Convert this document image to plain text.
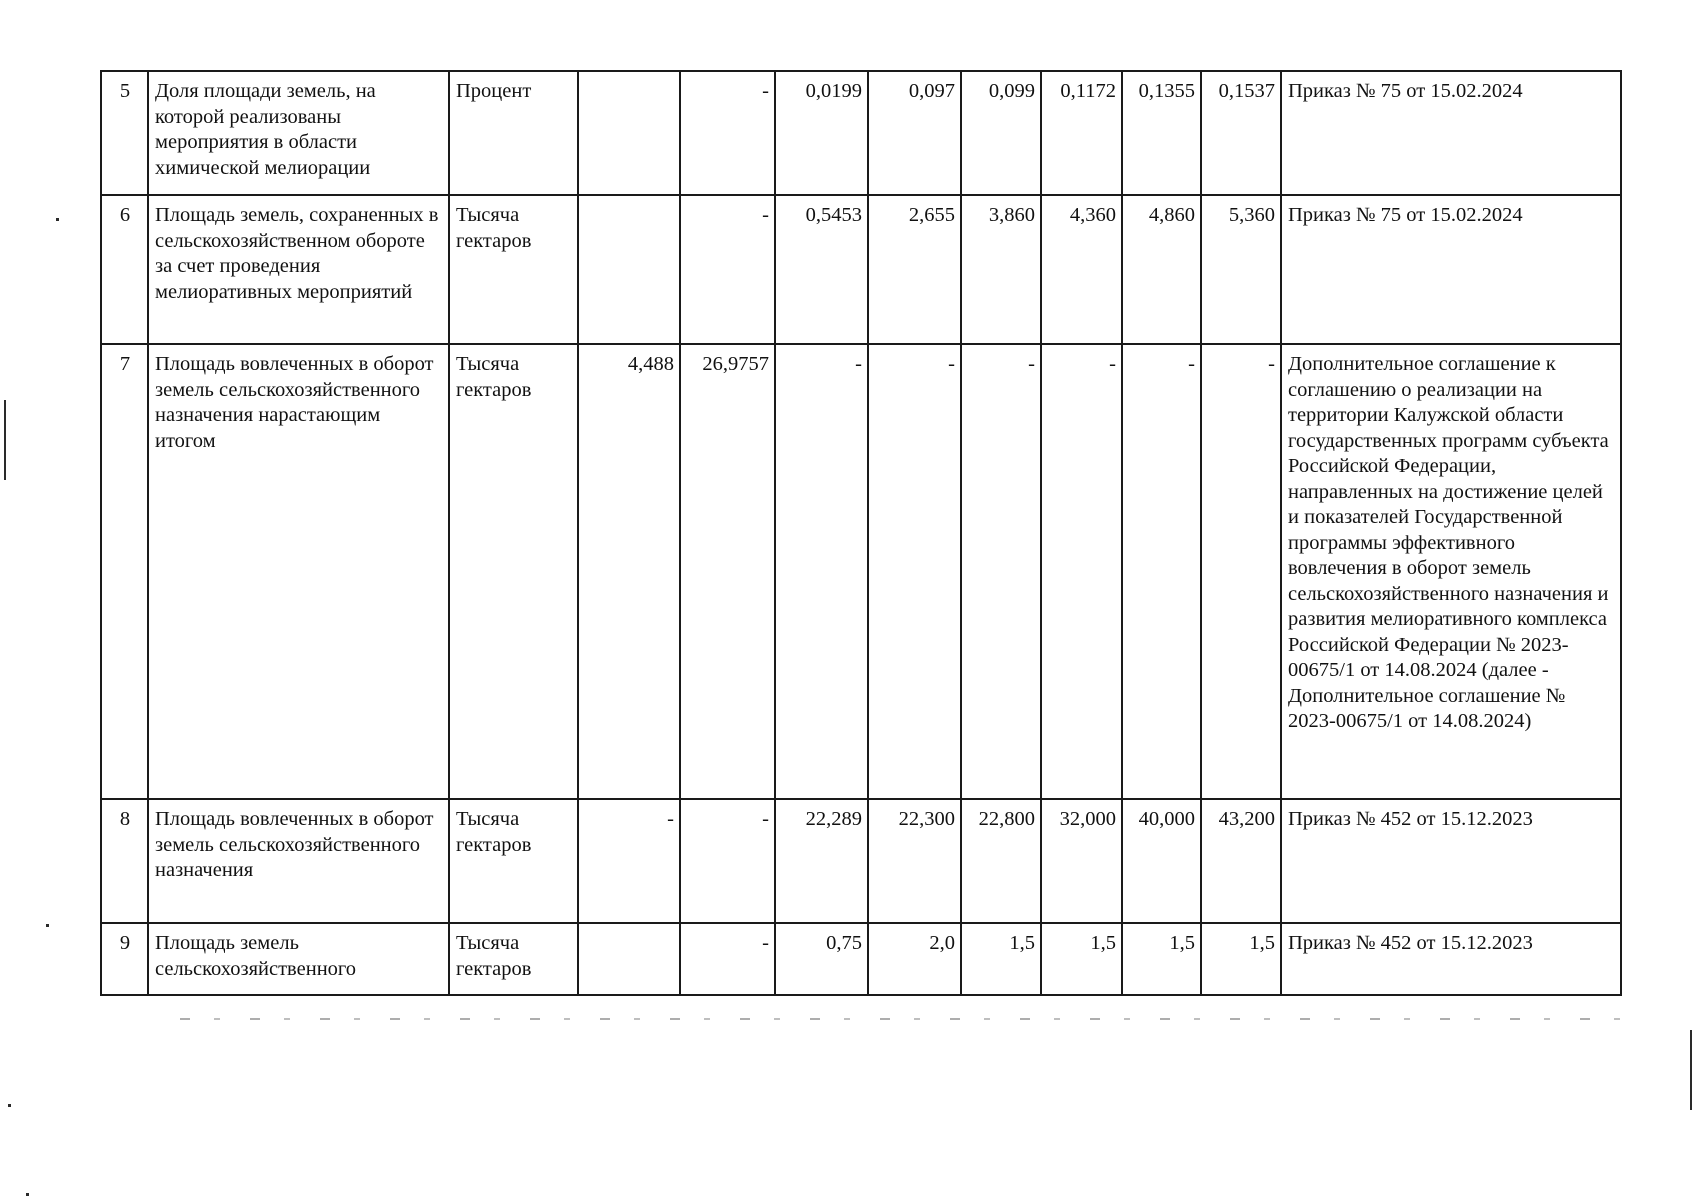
5	Доля площади земель, на которой реализованы мероприятия в области химической мелиорации	Процент		-	0,0199	0,097	0,099	0,1172	0,1355	0,1537	Приказ № 75 от 15.02.2024
6	Площадь земель, сохраненных в сельскохозяйственном обороте за счет проведения мелиоративных мероприятий	Тысяча гектаров		-	0,5453	2,655	3,860	4,360	4,860	5,360	Приказ № 75 от 15.02.2024
7	Площадь вовлеченных в оборот земель сельскохозяйственного назначения нарастающим итогом	Тысяча гектаров	4,488	26,9757	-	-	-	-	-	-	Дополнительное соглашение к соглашению о реализации на территории Калужской области государственных программ субъекта Российской Федерации, направленных на достижение целей и показателей Государственной программы эффективного вовлечения в оборот земель сельскохозяйственного назначения и развития мелиоративного комплекса Российской Федерации № 2023-00675/1 от 14.08.2024 (далее - Дополнительное соглашение № 2023-00675/1 от 14.08.2024)
8	Площадь вовлеченных в оборот земель сельскохозяйственного назначения	Тысяча гектаров	-	-	22,289	22,300	22,800	32,000	40,000	43,200	Приказ № 452 от 15.12.2023
9	Площадь земель сельскохозяйственного	Тысяча гектаров		-	0,75	2,0	1,5	1,5	1,5	1,5	Приказ № 452 от 15.12.2023
